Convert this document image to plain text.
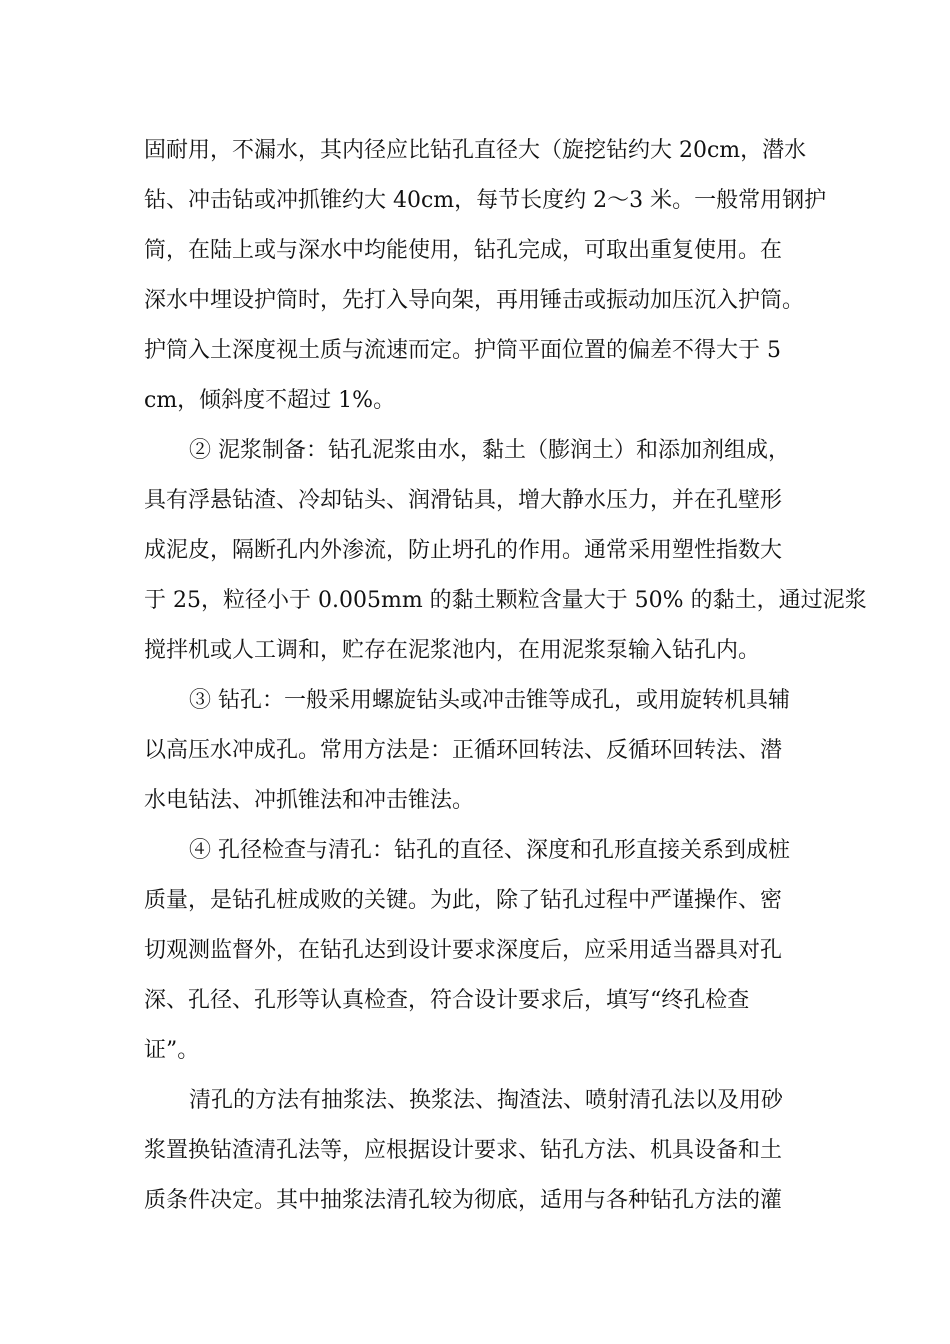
固耐用，不漏水，其内径应比钻孔直径大（旋挖钻约大 20cm，潜水
钻、冲击钻或冲抓锥约大 40cm，每节长度约 2～3 米。一般常用钢护
筒，在陆上或与深水中均能使用，钻孔完成，可取出重复使用。在
深水中埋设护筒时，先打入导向架，再用锤击或振动加压沉入护筒。
护筒入土深度视土质与流速而定。护筒平面位置的偏差不得大于 5
cm，倾斜度不超过 1%。
② 泥浆制备：钻孔泥浆由水，黏土（膨润土）和添加剂组成，
具有浮悬钻渣、冷却钻头、润滑钻具，增大静水压力，并在孔壁形
成泥皮，隔断孔内外渗流，防止坍孔的作用。通常采用塑性指数大
于 25，粒径小于 0.005mm 的黏土颗粒含量大于 50% 的黏土，通过泥浆
搅拌机或人工调和，贮存在泥浆池内，在用泥浆泵输入钻孔内。
③ 钻孔：一般采用螺旋钻头或冲击锥等成孔，或用旋转机具辅
以高压水冲成孔。常用方法是：正循环回转法、反循环回转法、潜
水电钻法、冲抓锥法和冲击锥法。
④ 孔径检查与清孔：钻孔的直径、深度和孔形直接关系到成桩
质量，是钻孔桩成败的关键。为此，除了钻孔过程中严谨操作、密
切观测监督外，在钻孔达到设计要求深度后，应采用适当器具对孔
深、孔径、孔形等认真检查，符合设计要求后，填写“终孔检查
证”。
清孔的方法有抽浆法、换浆法、掏渣法、喷射清孔法以及用砂
浆置换钻渣清孔法等，应根据设计要求、钻孔方法、机具设备和土
质条件决定。其中抽浆法清孔较为彻底，适用与各种钻孔方法的灌
